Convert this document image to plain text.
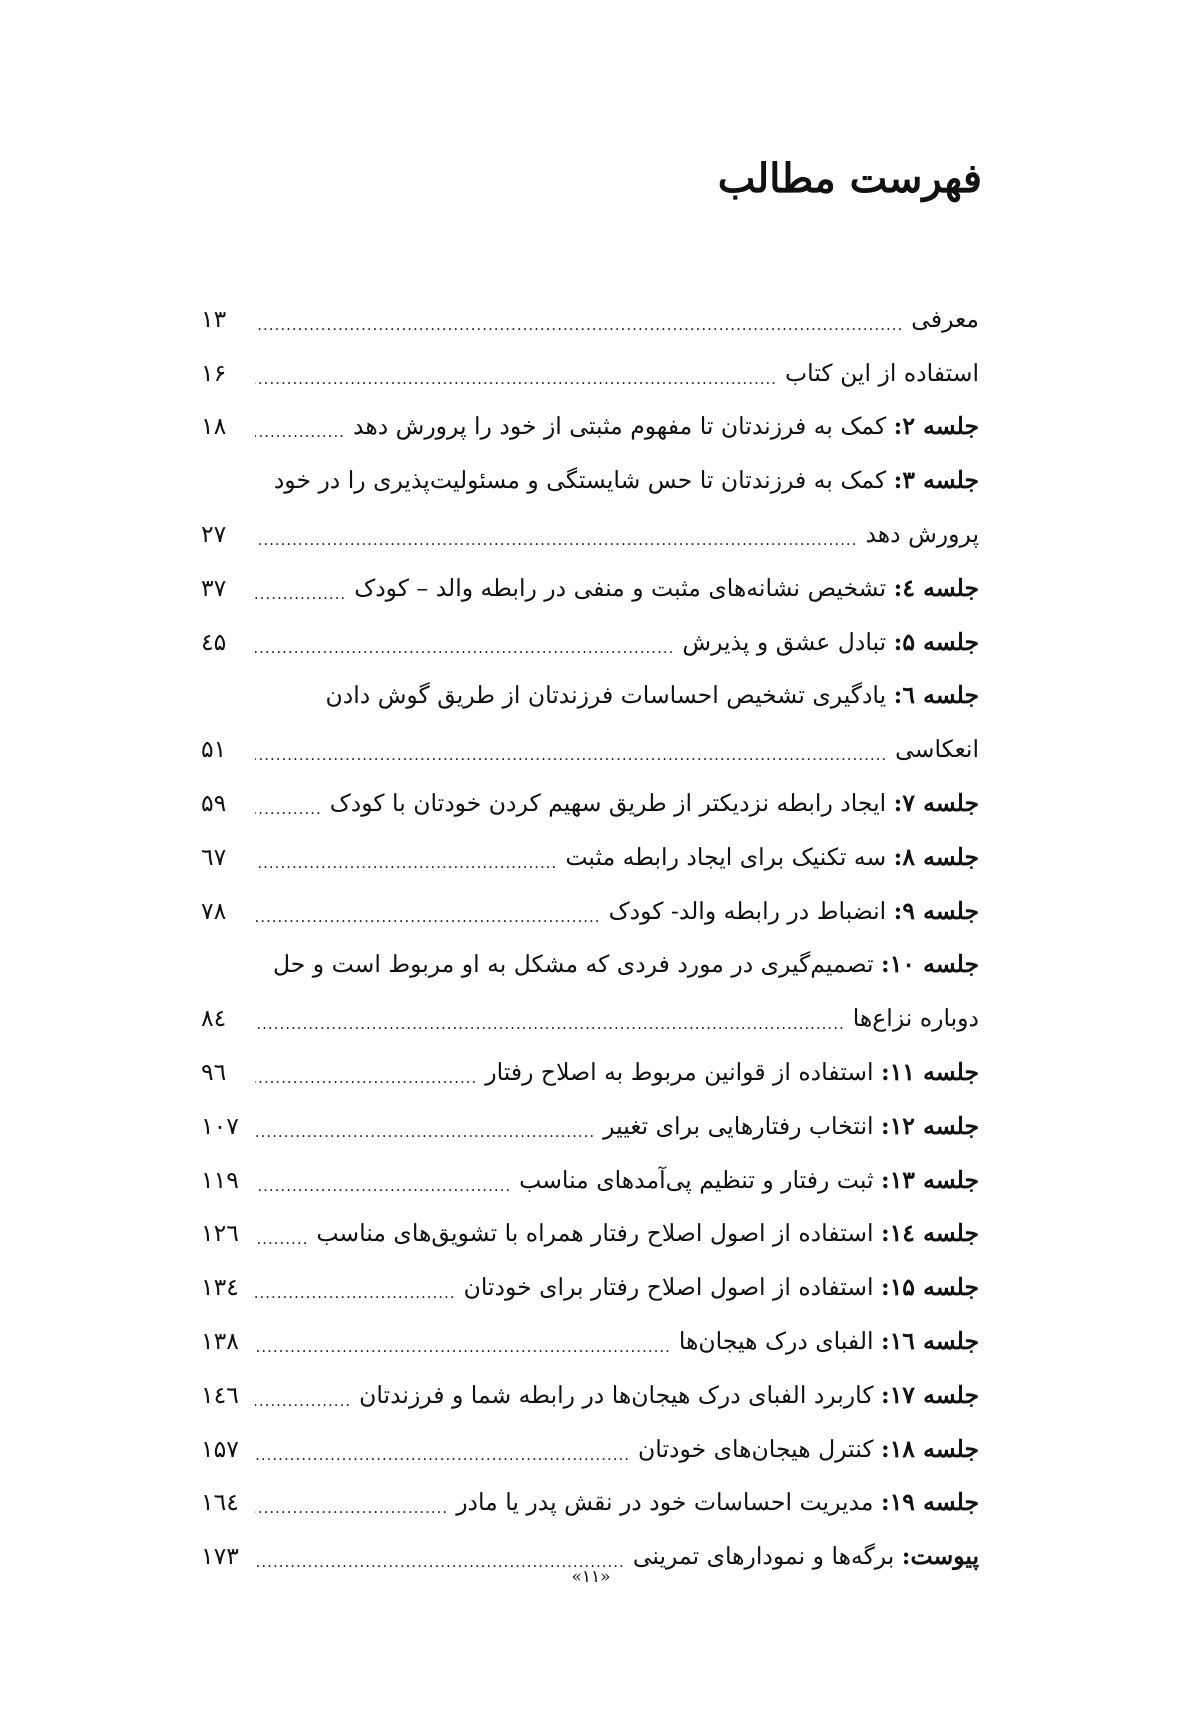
فهرست مطالب
معرفی
.....
۱۳
استفاده از این کتاب
.....
۱۶
جلسه ۲:

کمک به فرزندتان تا مفهوم مثبتی از خود را پرورش دهد
.....
۱۸
جلسه ۳:

کمک به فرزندتان تا حس شایستگی و مسئولیت‌پذیری را در خود
پرورش دهد
.....
۲۷
جلسه ٤:

تشخیص نشانه‌های مثبت و منفی در رابطه والد – کودک
.....
۳۷
جلسه ۵:

تبادل عشق و پذیرش
.....
٤۵
جلسه ٦:

یادگیری تشخیص احساسات فرزندتان از طریق گوش دادن
انعکاسی
.....
۵۱
جلسه ۷:

ایجاد رابطه نزدیکتر از طریق سهیم کردن خودتان با کودک
.....
۵۹
جلسه ۸:

سه تکنیک برای ایجاد رابطه مثبت
.....
٦۷
جلسه ۹:

انضباط در رابطه والد- کودک
.....
۷۸
جلسه ۱۰:

تصمیم‌گیری در مورد فردی که مشکل به او مربوط است و حل
دوباره نزاع‌ها
.....
۸٤
جلسه ۱۱:

استفاده از قوانین مربوط به اصلاح رفتار
.....
۹٦
جلسه ۱۲:

انتخاب رفتارهایی برای تغییر
.....
۱۰۷
جلسه ۱۳:

ثبت رفتار و تنظیم پی‌آمدهای مناسب
.....
۱۱۹
جلسه ١٤:

استفاده از اصول اصلاح رفتار همراه با تشویق‌های مناسب
.....
۱۲٦
جلسه ۱۵:

استفاده از اصول اصلاح رفتار برای خودتان
.....
۱۳٤
جلسه ١٦:

الفبای درک هیجان‌ها
.....
۱۳۸
جلسه ۱۷:

کاربرد الفبای درک هیجان‌ها در رابطه شما و فرزندتان
.....
١٤٦
جلسه ۱۸:

کنترل هیجان‌های خودتان
.....
۱۵۷
جلسه ۱۹:

مدیریت احساسات خود در نقش پدر یا مادر
.....
١٦٤
پیوست:

برگه‌ها و نمودارهای تمرینی
.....
۱۷۳
«۱۱»
